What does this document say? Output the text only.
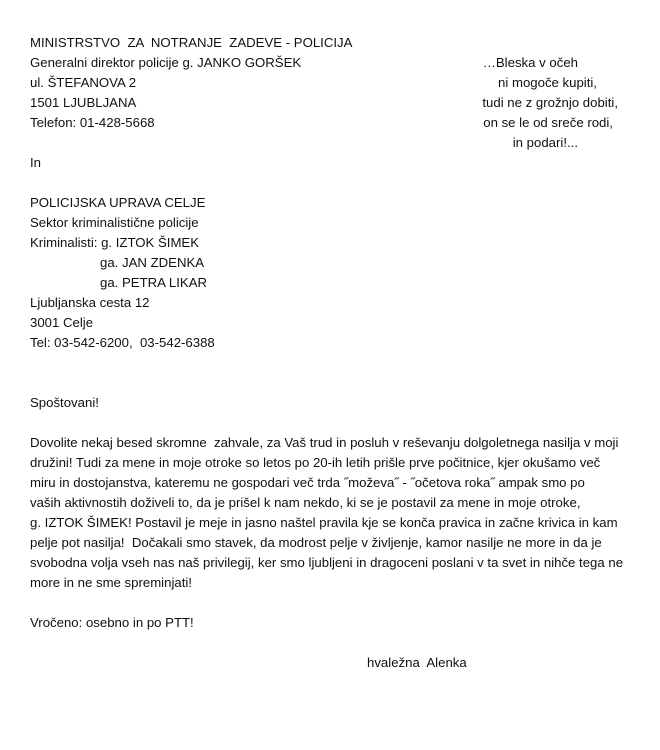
MINISTRSTVO  ZA  NOTRANJE  ZADEVE - POLICIJA
Generalni direktor policije g. JANKO GORŠEK
ul. ŠTEFANOVA 2
1501 LJUBLJANA
Telefon: 01-428-5668
…Bleska v očeh
ni mogoče kupiti,
tudi ne z grožnjo dobiti,
on se le od sreče rodi,
in podari!...
In
POLICIJSKA UPRAVA CELJE
Sektor kriminalistične policije
Kriminalisti: g. IZTOK ŠIMEK
ga. JAN ZDENKA
ga. PETRA LIKAR
Ljubljanska cesta 12
3001 Celje
Tel: 03-542-6200,  03-542-6388
Spoštovani!
Dovolite nekaj besed skromne  zahvale, za Vaš trud in posluh v reševanju dolgoletnega nasilja v moji
družini! Tudi za mene in moje otroke so letos po 20-ih letih prišle prve počitnice, kjer okušamo več
miru in dostojanstva, kateremu ne gospodari več trda ˝moževa˝ - ˝očetova roka˝ ampak smo po
vaših aktivnostih doživeli to, da je prišel k nam nekdo, ki se je postavil za mene in moje otroke,
g. IZTOK ŠIMEK! Postavil je meje in jasno naštel pravila kje se konča pravica in začne krivica in kam
pelje pot nasilja!  Dočakali smo stavek, da modrost pelje v življenje, kamor nasilje ne more in da je
svobodna volja vseh nas naš privilegij, ker smo ljubljeni in dragoceni poslani v ta svet in nihče tega ne
more in ne sme spreminjati!
Vročeno: osebno in po PTT!
hvaležna  Alenka
